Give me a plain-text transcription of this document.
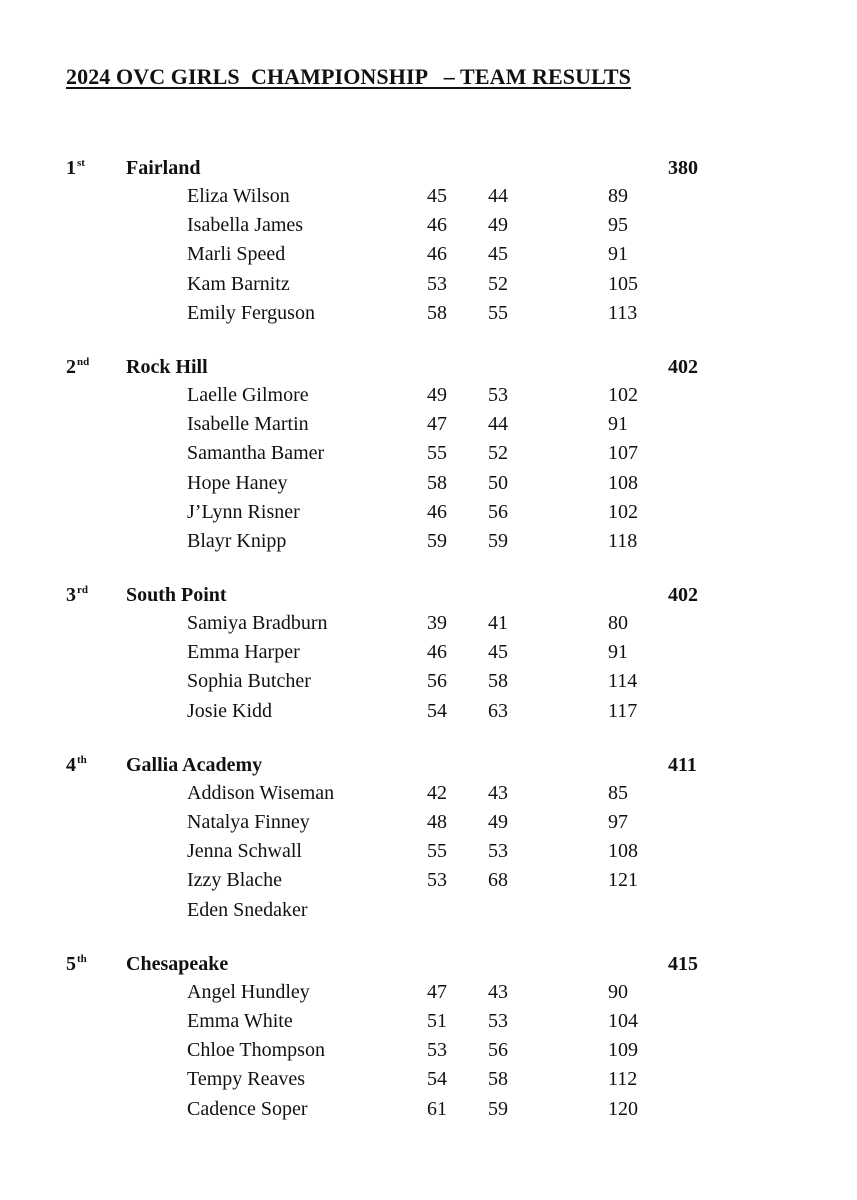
2024 OVC GIRLS  CHAMPIONSHIP   – TEAM RESULTS
1st Fairland	380
Eliza Wilson	45 44	89
Isabella James	46 49	95
Marli Speed	46 45	91
Kam Barnitz	53 52	105
Emily Ferguson	58 55	113
2nd Rock Hill	402
Laelle Gilmore	49 53	102
Isabelle Martin	47 44	91
Samantha Bamer	55 52	107
Hope Haney	58 50	108
J’Lynn Risner	46 56	102
Blayr Knipp	59 59	118
3rd South Point	402
Samiya Bradburn	39 41	80
Emma Harper	46 45	91
Sophia Butcher	56 58	114
Josie Kidd	54 63	117
4th Gallia Academy	411
Addison Wiseman	42 43	85
Natalya Finney	48 49	97
Jenna Schwall	55 53	108
Izzy Blache	53 68	121
Eden Snedaker
5th Chesapeake	415
Angel Hundley	47 43	90
Emma White	51 53	104
Chloe Thompson	53 56	109
Tempy Reaves	54 58	112
Cadence Soper	61 59	120
